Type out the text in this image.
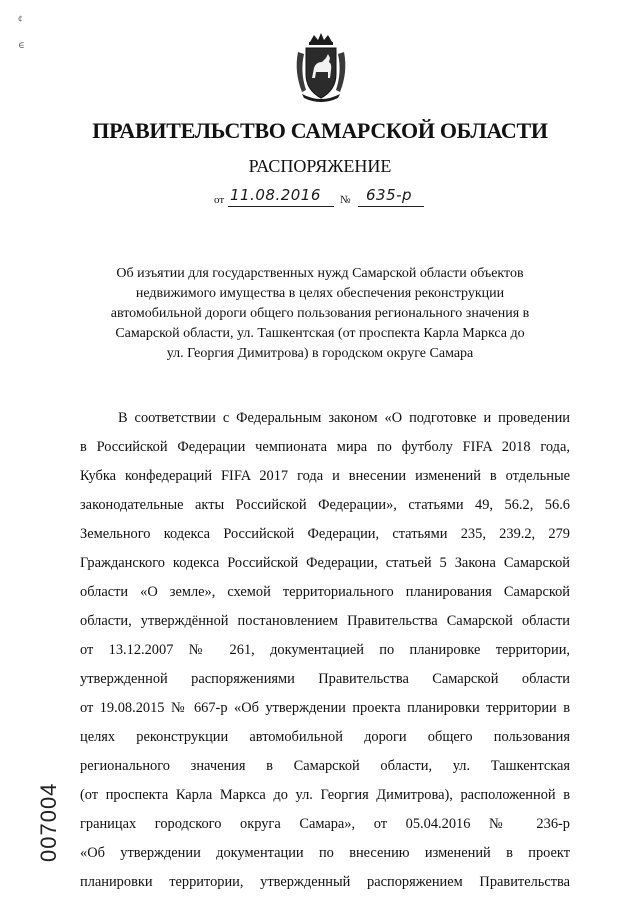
¢
∈
ПРАВИТЕЛЬСТВО САМАРСКОЙ ОБЛАСТИ
РАСПОРЯЖЕНИЕ
от 11.08.2016 № 635-р
Об изъятии для государственных нужд Самарской области объектов
недвижимого имущества в целях обеспечения реконструкции
автомобильной дороги общего пользования регионального значения в
Самарской области, ул. Ташкентская (от проспекта Карла Маркса до
ул. Георгия Димитрова) в городском округе Самара
В соответствии с Федеральным законом «О подготовке и проведении
в Российской Федерации чемпионата мира по футболу FIFA 2018 года,
Кубка конфедераций FIFA 2017 года и внесении изменений в отдельные
законодательные акты Российской Федерации», статьями 49, 56.2, 56.6
Земельного кодекса Российской Федерации, статьями 235, 239.2, 279
Гражданского кодекса Российской Федерации, статьей 5 Закона Самарской
области «О земле», схемой территориального планирования Самарской
области, утверждённой постановлением Правительства Самарской области
от 13.12.2007 № 261, документацией по планировке территории,
утвержденной распоряжениями Правительства Самарской области
от 19.08.2015 № 667-р «Об утверждении проекта планировки территории в
целях реконструкции автомобильной дороги общего пользования
регионального значения в Самарской области, ул. Ташкентская
(от проспекта Карла Маркса до ул. Георгия Димитрова), расположенной в
границах городского округа Самара», от 05.04.2016 № 236-р
«Об утверждении документации по внесению изменений в проект
планировки территории, утвержденный распоряжением Правительства
007004
